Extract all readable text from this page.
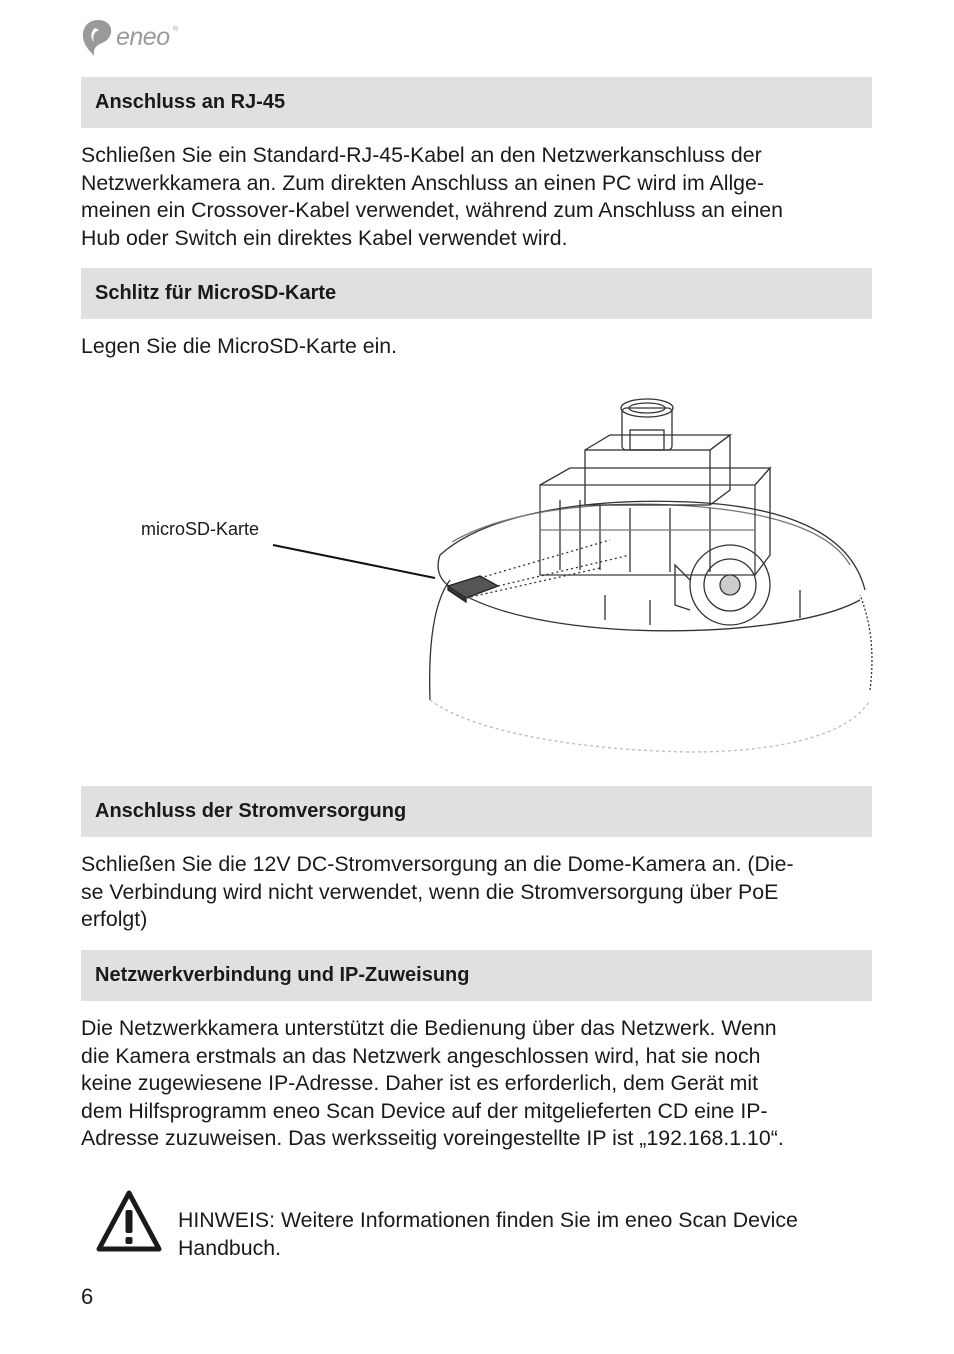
eneo ®
Anschluss an RJ-45
Schließen Sie ein Standard-RJ-45-Kabel an den Netzwerkanschluss der
Netzwerkkamera an. Zum direkten Anschluss an einen PC wird im Allge-
meinen ein Crossover-Kabel verwendet, während zum Anschluss an einen
Hub oder Switch ein direktes Kabel verwendet wird.
Schlitz für MicroSD-Karte
Legen Sie die MicroSD-Karte ein.
microSD-Karte
Anschluss der Stromversorgung
Schließen Sie die 12V DC-Stromversorgung an die Dome-Kamera an. (Die-
se Verbindung wird nicht verwendet, wenn die Stromversorgung über PoE
erfolgt)
Netzwerkverbindung und IP-Zuweisung
Die Netzwerkkamera unterstützt die Bedienung über das Netzwerk. Wenn
die Kamera erstmals an das Netzwerk angeschlossen wird, hat sie noch
keine zugewiesene IP-Adresse. Daher ist es erforderlich, dem Gerät mit
dem Hilfsprogramm eneo Scan Device auf der mitgelieferten CD eine IP-
Adresse zuzuweisen. Das werksseitig voreingestellte IP ist „192.168.1.10“.
HINWEIS: Weitere Informationen finden Sie im eneo Scan Device
Handbuch.
6
